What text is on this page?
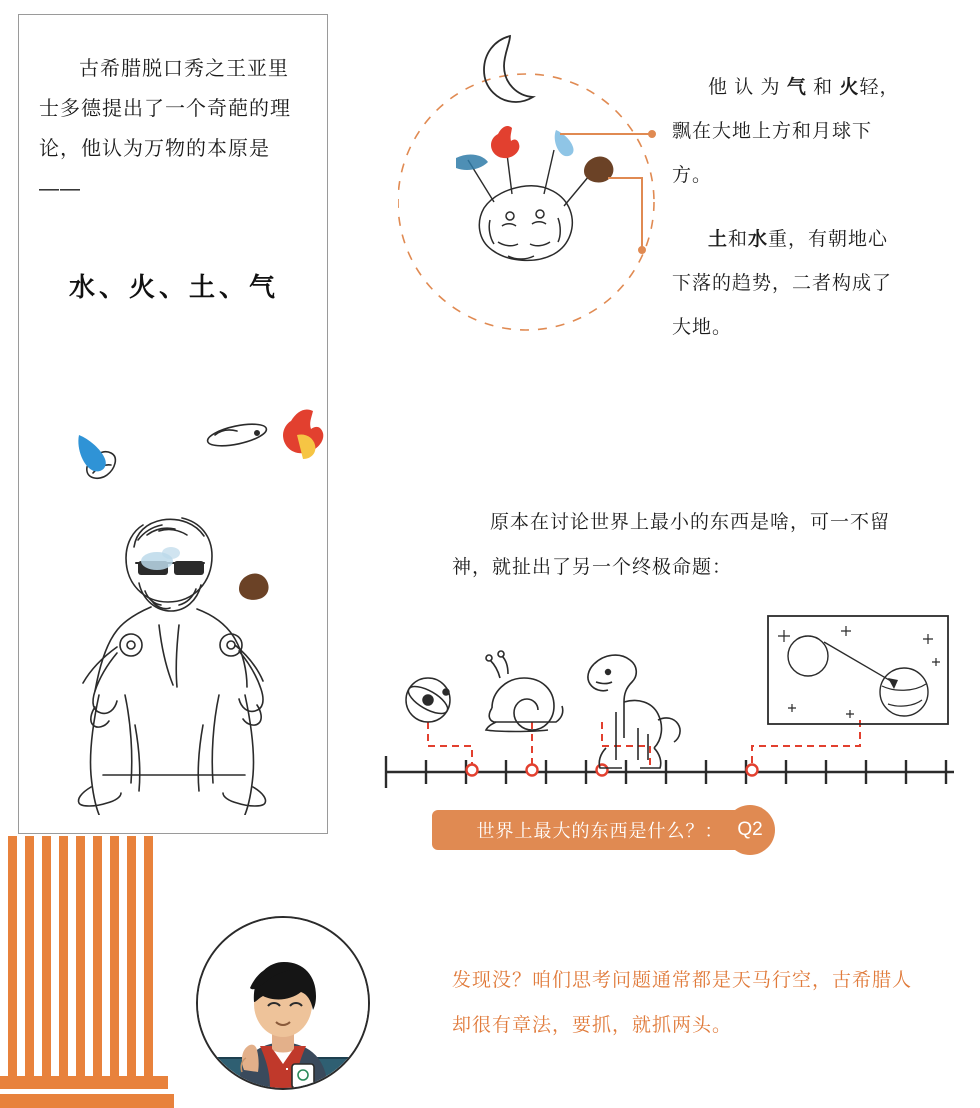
古希腊脱口秀之王亚里士多德提出了一个奇葩的理论，他认为万物的本原是——
水、火、土、气
他 认 为 气 和 火轻，飘在大地上方和月球下方。
土和水重，有朝地心下落的趋势，二者构成了大地。
原本在讨论世界上最小的东西是啥，可一不留神，就扯出了另一个终极命题：
世界上最大的东西是什么？： Q2
发现没？咱们思考问题通常都是天马行空，古希腊人却很有章法，要抓，就抓两头。
